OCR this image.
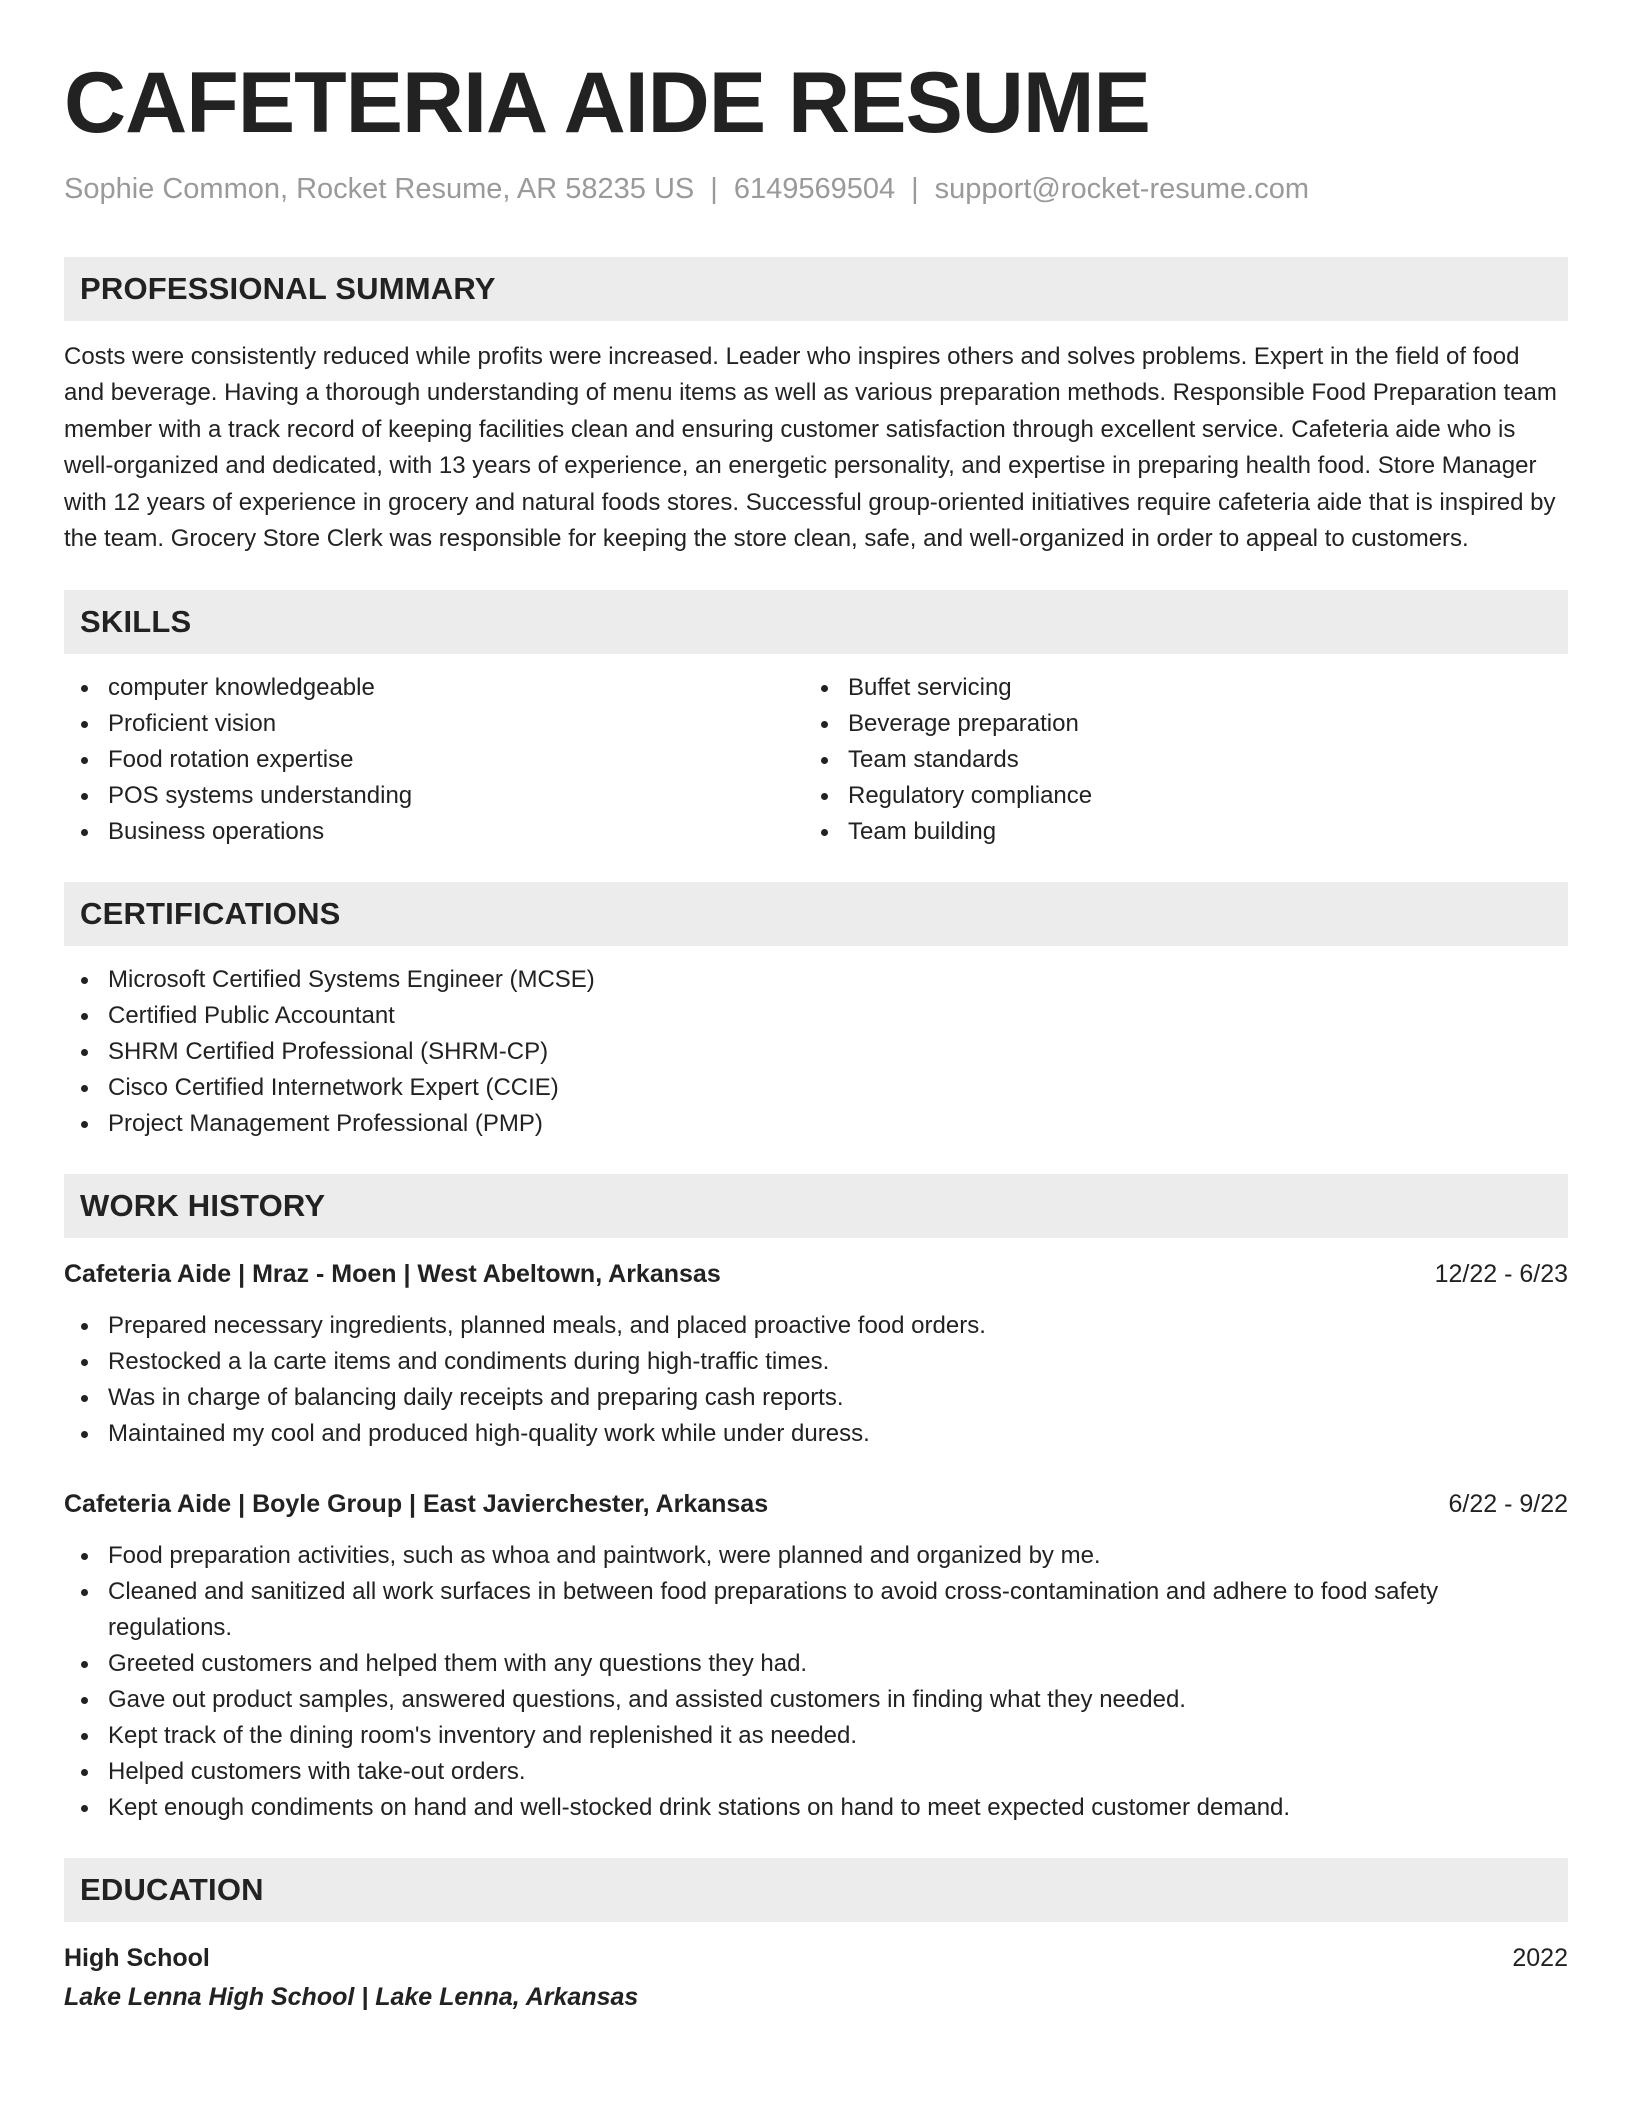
CAFETERIA AIDE RESUME
Sophie Common, Rocket Resume, AR 58235 US | 6149569504 | support@rocket-resume.com
PROFESSIONAL SUMMARY

Costs were consistently reduced while profits were increased. Leader who inspires others and solves problems. Expert in the field of food and beverage. Having a thorough understanding of menu items as well as various preparation methods. Responsible Food Preparation team member with a track record of keeping facilities clean and ensuring customer satisfaction through excellent service. Cafeteria aide who is well-organized and dedicated, with 13 years of experience, an energetic personality, and expertise in preparing health food. Store Manager with 12 years of experience in grocery and natural foods stores. Successful group-oriented initiatives require cafeteria aide that is inspired by the team. Grocery Store Clerk was responsible for keeping the store clean, safe, and well-organized in order to appeal to customers.

SKILLS
computer knowledgeable
Proficient vision
Food rotation expertise
POS systems understanding
Business operations
Buffet servicing
Beverage preparation
Team standards
Regulatory compliance
Team building
CERTIFICATIONS
Microsoft Certified Systems Engineer (MCSE)
Certified Public Accountant
SHRM Certified Professional (SHRM-CP)
Cisco Certified Internetwork Expert (CCIE)
Project Management Professional (PMP)
WORK HISTORY
Cafeteria Aide | Mraz - Moen | West Abeltown, Arkansas	12/22 - 6/23
Prepared necessary ingredients, planned meals, and placed proactive food orders.
Restocked a la carte items and condiments during high-traffic times.
Was in charge of balancing daily receipts and preparing cash reports.
Maintained my cool and produced high-quality work while under duress.
Cafeteria Aide | Boyle Group | East Javierchester, Arkansas	6/22 - 9/22
Food preparation activities, such as whoa and paintwork, were planned and organized by me.
Cleaned and sanitized all work surfaces in between food preparations to avoid cross-contamination and adhere to food safety regulations.
Greeted customers and helped them with any questions they had.
Gave out product samples, answered questions, and assisted customers in finding what they needed.
Kept track of the dining room's inventory and replenished it as needed.
Helped customers with take-out orders.
Kept enough condiments on hand and well-stocked drink stations on hand to meet expected customer demand.
EDUCATION
High School	2022
Lake Lenna High School | Lake Lenna, Arkansas
